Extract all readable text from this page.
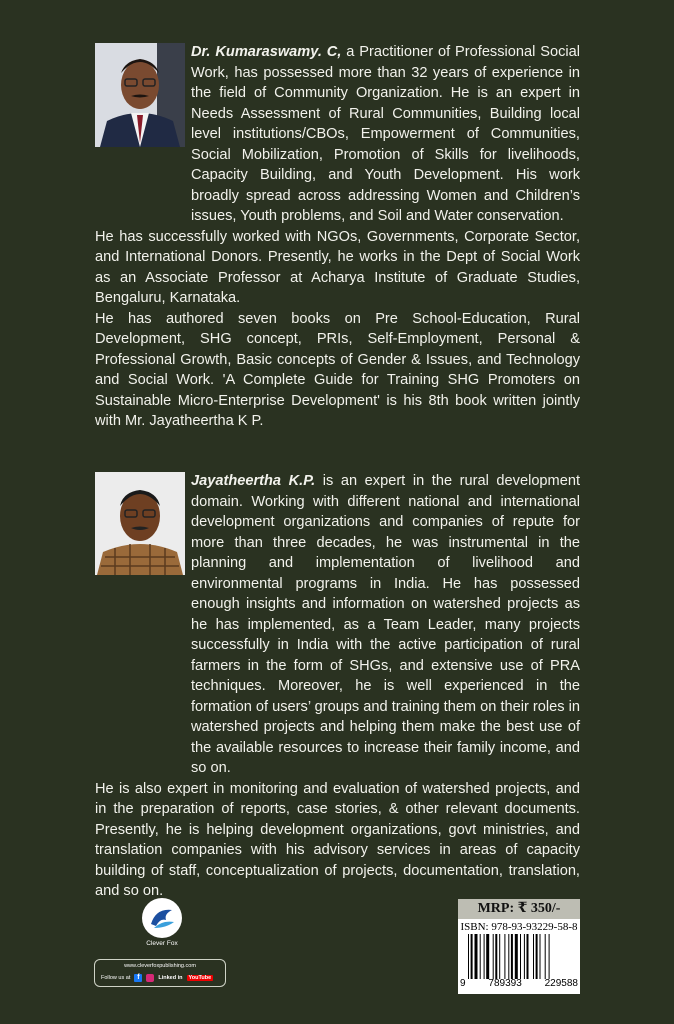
Dr. Kumaraswamy. C, a Practitioner of Professional Social Work, has possessed more than 32 years of experience in the field of Community Organization. He is an expert in Needs Assessment of Rural Communities, Building local level institutions/CBOs, Empowerment of Communities, Social Mobilization, Promotion of Skills for livelihoods, Capacity Building, and Youth Development. His work broadly spread across addressing Women and Children’s issues, Youth problems, and Soil and Water conservation.

He has successfully worked with NGOs, Governments, Corporate Sector, and International Donors. Presently, he works in the Dept of Social Work as an Associate Professor at Acharya Institute of Graduate Studies, Bengaluru, Karnataka.

He has authored seven books on Pre School-Education, Rural Development, SHG concept, PRIs, Self-Employment, Personal & Professional Growth, Basic concepts of Gender & Issues, and Technology and Social Work. 'A Complete Guide for Training SHG Promoters on Sustainable Micro-Enterprise Development' is his 8th book written jointly with Mr. Jayatheertha K P.

Jayatheertha K.P. is an expert in the rural development domain. Working with different national and international development organizations and companies of repute for more than three decades, he was instrumental in the planning and implementation of livelihood and environmental programs in India. He has possessed enough insights and information on watershed projects as he has implemented, as a Team Leader, many projects successfully in India with the active participation of rural farmers in the form of SHGs, and extensive use of PRA techniques. Moreover, he is well experienced in the formation of users’ groups and training them on their roles in watershed projects and helping them make the best use of the available resources to increase their family income, and so on.

He is also expert in monitoring and evaluation of watershed projects, and in the preparation of reports, case stories, & other relevant documents. Presently, he is helping development organizations, govt ministries, and translation companies with his advisory services in areas of capacity building of staff, conceptualization of projects, documentation, translation, and so on.

Clever Fox
www.cleverfoxpublishing.com
Follow us at f	Linked in	YouTube
MRP: ₹ 350/-
ISBN: 978-93-93229-58-8
9 789393 229588
